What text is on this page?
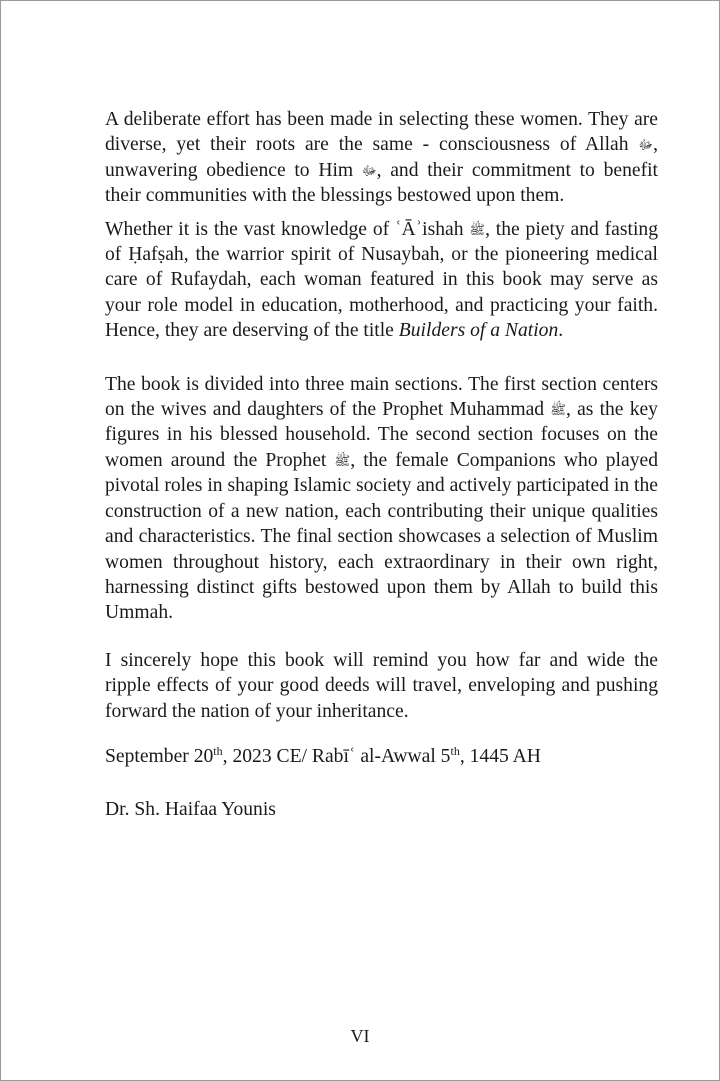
A deliberate effort has been made in selecting these women. They are diverse, yet their roots are the same - consciousness of Allah ﷻ, unwavering obedience to Him ﷻ, and their commitment to benefit their communities with the blessings bestowed upon them.

Whether it is the vast knowledge of ʿĀʾishah ﷺ, the piety and fasting of Ḥafṣah, the warrior spirit of Nusaybah, or the pioneering medical care of Rufaydah, each woman featured in this book may serve as your role model in education, motherhood, and practicing your faith. Hence, they are deserving of the title Builders of a Nation.

The book is divided into three main sections. The first section centers on the wives and daughters of the Prophet Muhammad ﷺ, as the key figures in his blessed household. The second section focuses on the women around the Prophet ﷺ, the female Companions who played pivotal roles in shaping Islamic society and actively participated in the construction of a new nation, each contributing their unique qualities and characteristics. The final section showcases a selection of Muslim women throughout history, each extraordinary in their own right, harnessing distinct gifts bestowed upon them by Allah to build this Ummah.

I sincerely hope this book will remind you how far and wide the ripple effects of your good deeds will travel, enveloping and pushing forward the nation of your inheritance.

September 20th, 2023 CE/ Rabīʿ al-Awwal 5th, 1445 AH

Dr. Sh. Haifaa Younis

VI
